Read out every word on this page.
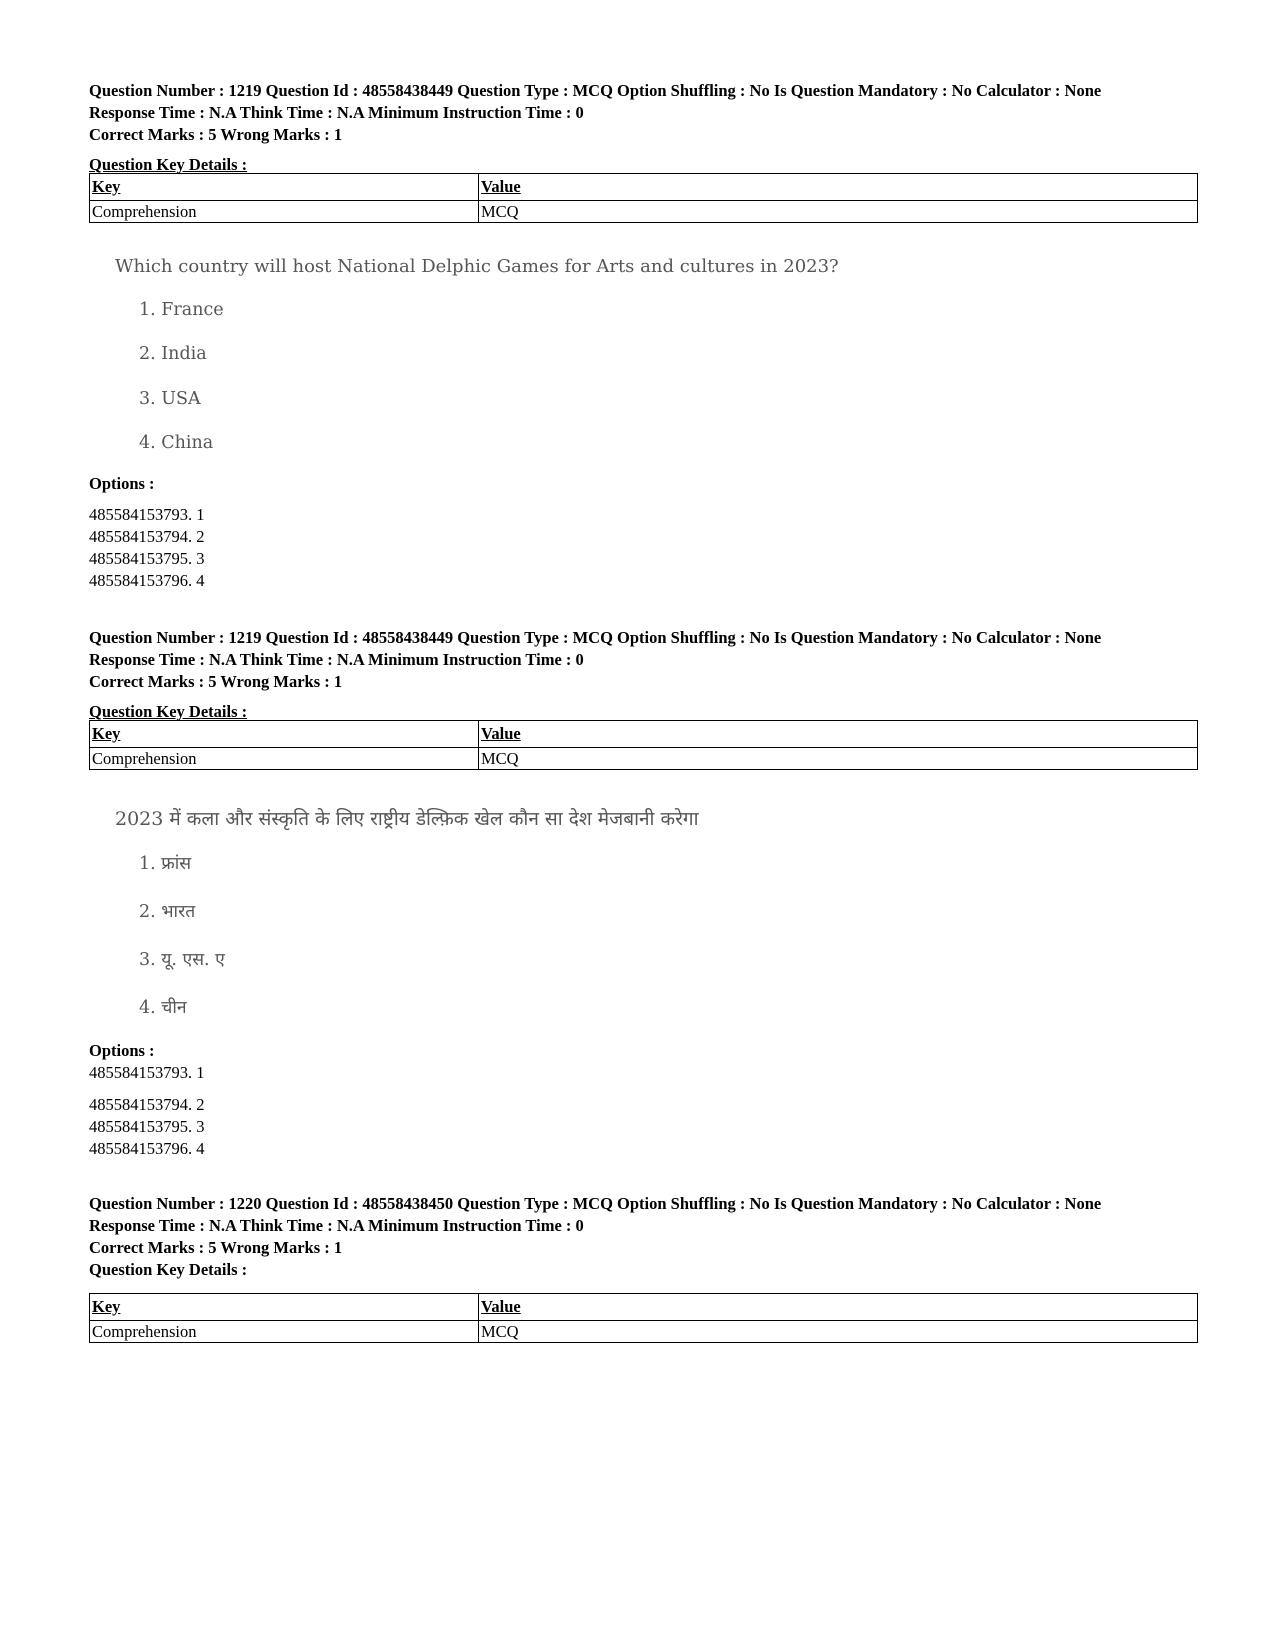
Question Number : 1219 Question Id : 48558438449 Question Type : MCQ Option Shuffling : No Is Question Mandatory : No Calculator : None
Response Time : N.A Think Time : N.A Minimum Instruction Time : 0
Correct Marks : 5 Wrong Marks : 1
Question Key Details :
Key	Value
Comprehension	MCQ
Which country will host National Delphic Games for Arts and cultures in 2023?
1. France
2. India
3. USA
4. China
Options :
485584153793. 1
485584153794. 2
485584153795. 3
485584153796. 4
Question Number : 1219 Question Id : 48558438449 Question Type : MCQ Option Shuffling : No Is Question Mandatory : No Calculator : None
Response Time : N.A Think Time : N.A Minimum Instruction Time : 0
Correct Marks : 5 Wrong Marks : 1
Question Key Details :
Key	Value
Comprehension	MCQ
2023 में कला और संस्कृति के लिए राष्ट्रीय डेल्फ़िक खेल कौन सा देश मेजबानी करेगा
1. फ्रांस
2. भारत
3. यू. एस. ए
4. चीन
Options :
485584153793. 1
485584153794. 2
485584153795. 3
485584153796. 4
Question Number : 1220 Question Id : 48558438450 Question Type : MCQ Option Shuffling : No Is Question Mandatory : No Calculator : None
Response Time : N.A Think Time : N.A Minimum Instruction Time : 0
Correct Marks : 5 Wrong Marks : 1
Question Key Details :
Key	Value
Comprehension	MCQ
